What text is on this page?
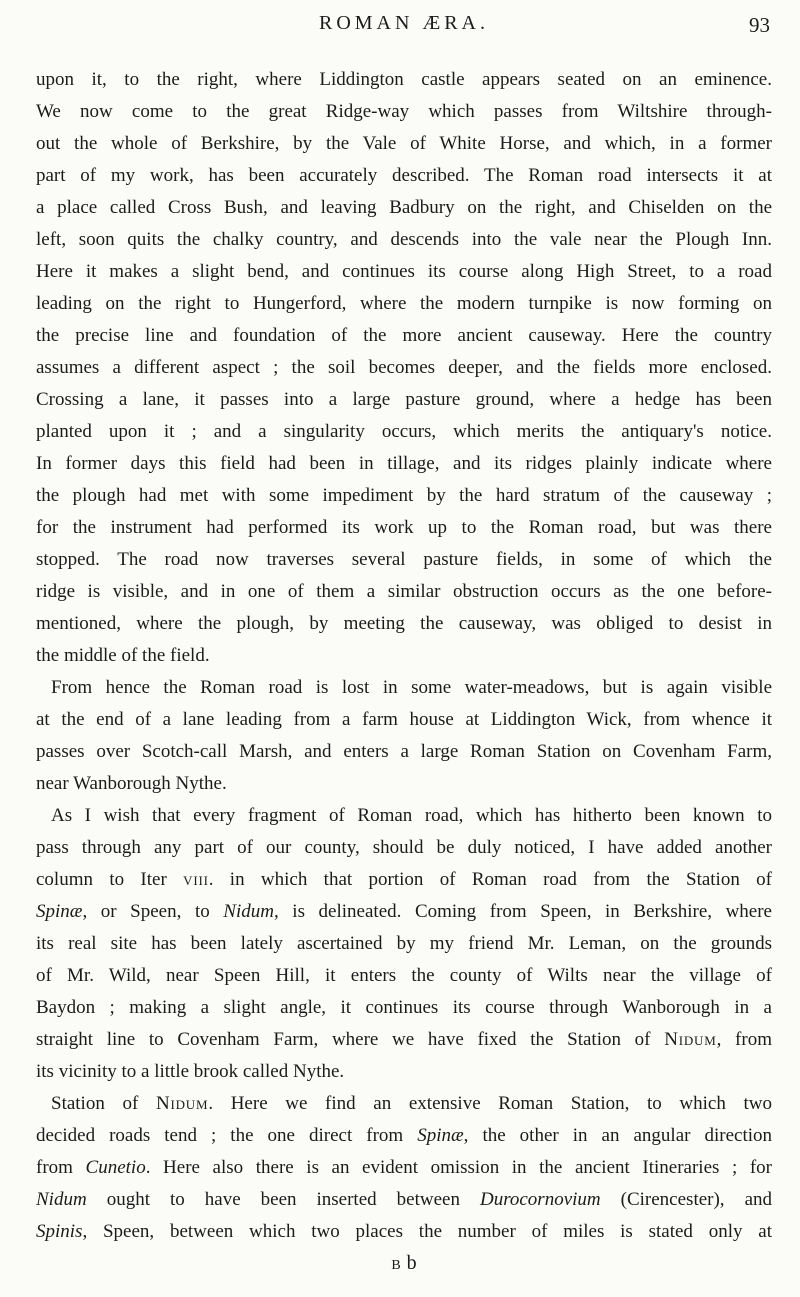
ROMAN ÆRA.	93
upon it, to the right, where Liddington castle appears seated on an eminence.
We now come to the great Ridge-way which passes from Wiltshire through-
out the whole of Berkshire, by the Vale of White Horse, and which, in a former
part of my work, has been accurately described. The Roman road intersects it at
a place called Cross Bush, and leaving Badbury on the right, and Chiselden on the
left, soon quits the chalky country, and descends into the vale near the Plough Inn.
Here it makes a slight bend, and continues its course along High Street, to a road
leading on the right to Hungerford, where the modern turnpike is now forming on
the precise line and foundation of the more ancient causeway. Here the country
assumes a different aspect ; the soil becomes deeper, and the fields more enclosed.
Crossing a lane, it passes into a large pasture ground, where a hedge has been
planted upon it ; and a singularity occurs, which merits the antiquary's notice.
In former days this field had been in tillage, and its ridges plainly indicate where
the plough had met with some impediment by the hard stratum of the causeway ;
for the instrument had performed its work up to the Roman road, but was there
stopped. The road now traverses several pasture fields, in some of which the
ridge is visible, and in one of them a similar obstruction occurs as the one before-
mentioned, where the plough, by meeting the causeway, was obliged to desist in
the middle of the field.
From hence the Roman road is lost in some water-meadows, but is again visible
at the end of a lane leading from a farm house at Liddington Wick, from whence it
passes over Scotch-call Marsh, and enters a large Roman Station on Covenham Farm,
near Wanborough Nythe.
As I wish that every fragment of Roman road, which has hitherto been known to
pass through any part of our county, should be duly noticed, I have added another
column to Iter viii. in which that portion of Roman road from the Station of
Spinæ, or Speen, to Nidum, is delineated. Coming from Speen, in Berkshire, where
its real site has been lately ascertained by my friend Mr. Leman, on the grounds
of Mr. Wild, near Speen Hill, it enters the county of Wilts near the village of
Baydon ; making a slight angle, it continues its course through Wanborough in a
straight line to Covenham Farm, where we have fixed the Station of Nidum, from
its vicinity to a little brook called Nythe.
Station of Nidum. Here we find an extensive Roman Station, to which two
decided roads tend ; the one direct from Spinæ, the other in an angular direction
from Cunetio. Here also there is an evident omission in the ancient Itineraries ; for
Nidum ought to have been inserted between Durocornovium (Cirencester), and
Spinis, Speen, between which two places the number of miles is stated only at
b b
